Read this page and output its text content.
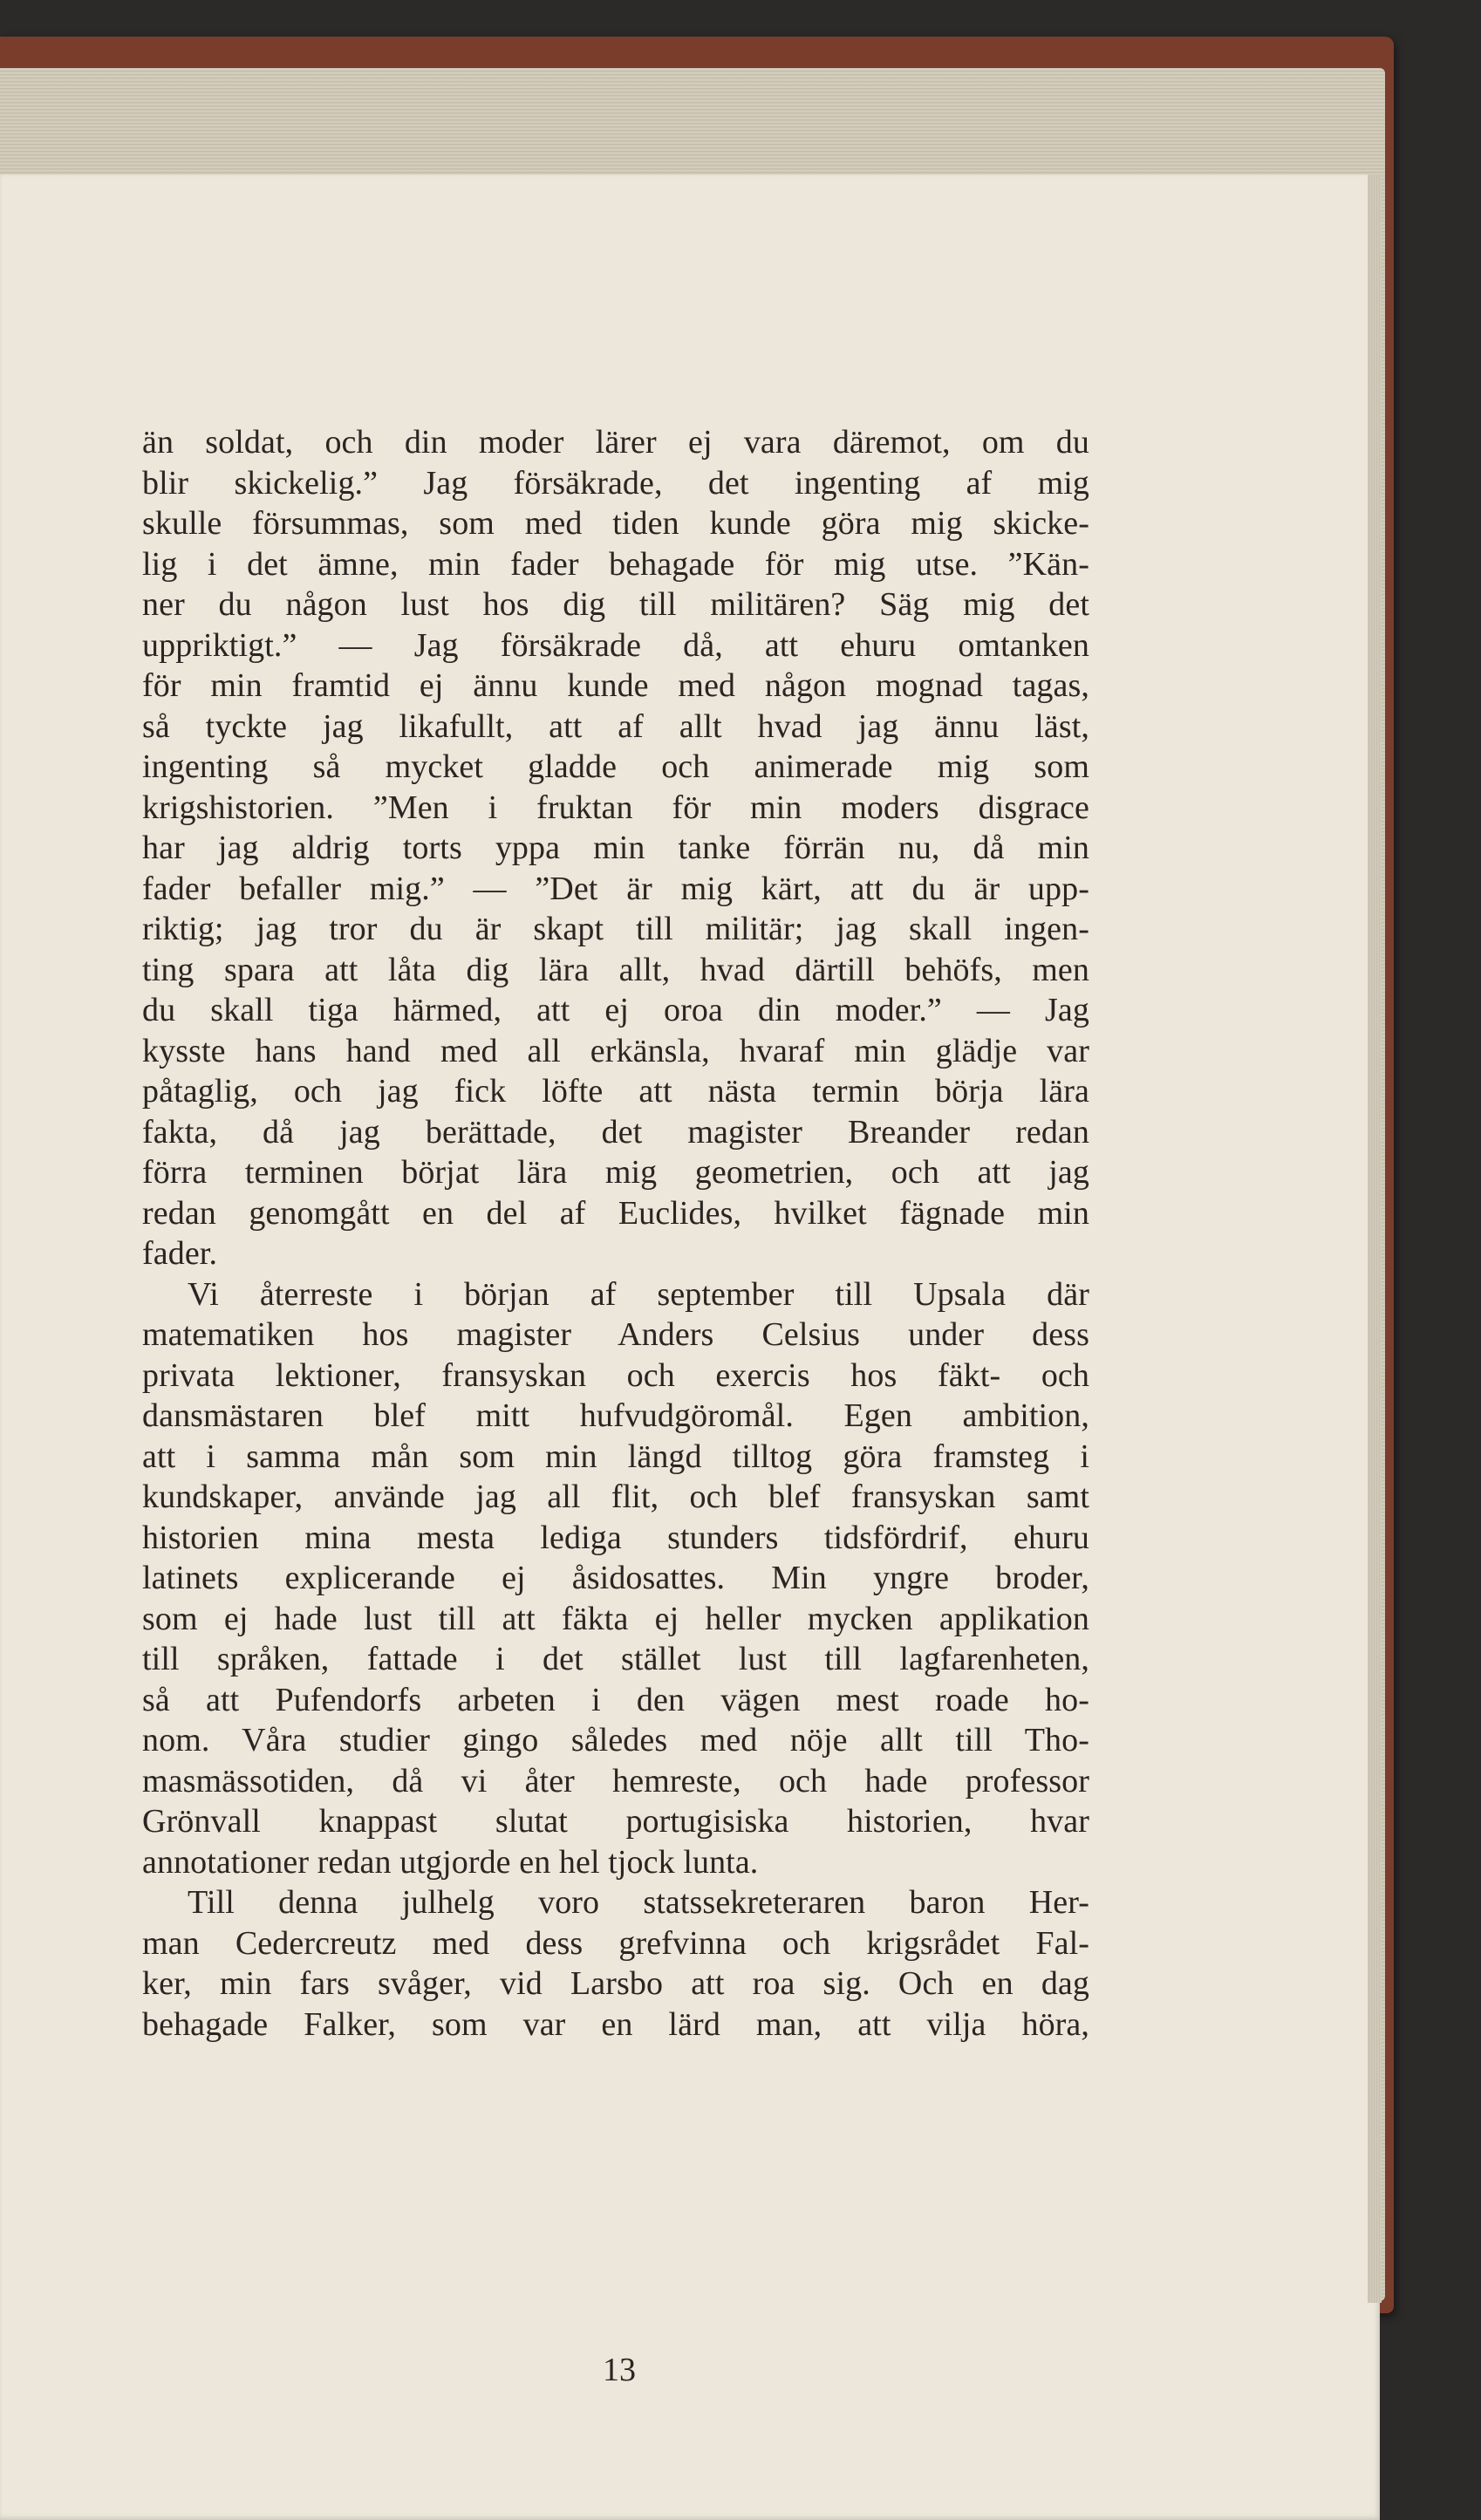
än soldat, och din moder lärer ej vara däremot, om du
blir skickelig.” Jag försäkrade, det ingenting af mig
skulle försummas, som med tiden kunde göra mig skicke-
lig i det ämne, min fader behagade för mig utse. ”Kän-
ner du någon lust hos dig till militären? Säg mig det
uppriktigt.” — Jag försäkrade då, att ehuru omtanken
för min framtid ej ännu kunde med någon mognad tagas,
så tyckte jag likafullt, att af allt hvad jag ännu läst,
ingenting så mycket gladde och animerade mig som
krigshistorien. ”Men i fruktan för min moders disgrace
har jag aldrig torts yppa min tanke förrän nu, då min
fader befaller mig.” — ”Det är mig kärt, att du är upp-
riktig; jag tror du är skapt till militär; jag skall ingen-
ting spara att låta dig lära allt, hvad därtill behöfs, men
du skall tiga härmed, att ej oroa din moder.” — Jag
kysste hans hand med all erkänsla, hvaraf min glädje var
påtaglig, och jag fick löfte att nästa termin börja lära
fakta, då jag berättade, det magister Breander redan
förra terminen börjat lära mig geometrien, och att jag
redan genomgått en del af Euclides, hvilket fägnade min
fader.
Vi återreste i början af september till Upsala där
matematiken hos magister Anders Celsius under dess
privata lektioner, fransyskan och exercis hos fäkt- och
dansmästaren blef mitt hufvudgöromål. Egen ambition,
att i samma mån som min längd tilltog göra framsteg i
kundskaper, använde jag all flit, och blef fransyskan samt
historien mina mesta lediga stunders tidsfördrif, ehuru
latinets explicerande ej åsidosattes. Min yngre broder,
som ej hade lust till att fäkta ej heller mycken applikation
till språken, fattade i det stället lust till lagfarenheten,
så att Pufendorfs arbeten i den vägen mest roade ho-
nom. Våra studier gingo således med nöje allt till Tho-
masmässotiden, då vi åter hemreste, och hade professor
Grönvall knappast slutat portugisiska historien, hvar
annotationer redan utgjorde en hel tjock lunta.
Till denna julhelg voro statssekreteraren baron Her-
man Cedercreutz med dess grefvinna och krigsrådet Fal-
ker, min fars svåger, vid Larsbo att roa sig. Och en dag
behagade Falker, som var en lärd man, att vilja höra,
13
